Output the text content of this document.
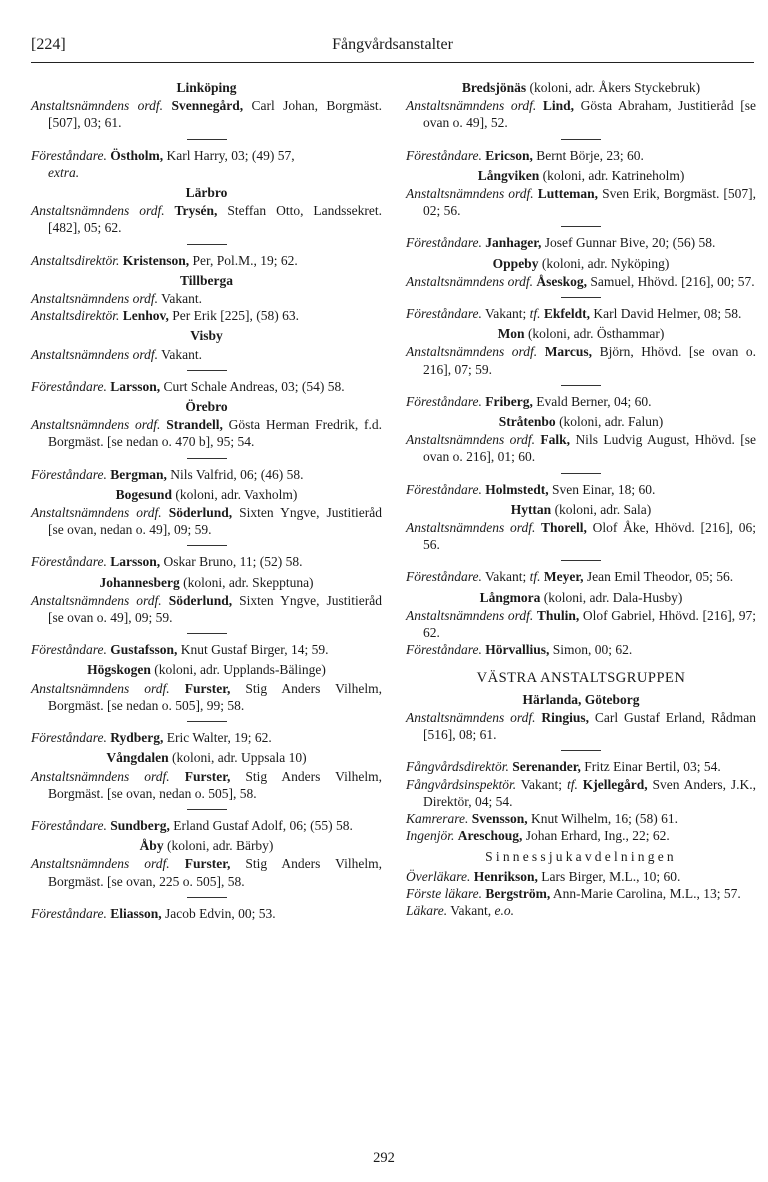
[224]	Fångvårdsanstalter
Linköping
Anstaltsnämndens ordf. Svennegård, Carl Johan, Borgmäst. [507], 03; 61.
Föreståndare. Östholm, Karl Harry, 03; (49) 57,
extra.
Lärbro
Anstaltsnämndens ordf. Trysén, Steffan Otto, Landssekret. [482], 05; 62.
Anstaltsdirektör. Kristenson, Per, Pol.M., 19; 62.
Tillberga
Anstaltsnämndens ordf. Vakant.
Anstaltsdirektör. Lenhov, Per Erik [225], (58) 63.
Visby
Anstaltsnämndens ordf. Vakant.
Föreståndare. Larsson, Curt Schale Andreas, 03; (54) 58.
Örebro
Anstaltsnämndens ordf. Strandell, Gösta Herman Fredrik, f.d. Borgmäst. [se nedan o. 470 b], 95; 54.
Föreståndare. Bergman, Nils Valfrid, 06; (46) 58.
Bogesund (koloni, adr. Vaxholm)
Anstaltsnämndens ordf. Söderlund, Sixten Yngve, Justitieråd [se ovan, nedan o. 49], 09; 59.
Föreståndare. Larsson, Oskar Bruno, 11; (52) 58.
Johannesberg (koloni, adr. Skepptuna)
Anstaltsnämndens ordf. Söderlund, Sixten Yngve, Justitieråd [se ovan o. 49], 09; 59.
Föreståndare. Gustafsson, Knut Gustaf Birger, 14; 59.
Högskogen (koloni, adr. Upplands-Bälinge)
Anstaltsnämndens ordf. Furster, Stig Anders Vilhelm, Borgmäst. [se nedan o. 505], 99; 58.
Föreståndare. Rydberg, Eric Walter, 19; 62.
Vångdalen (koloni, adr. Uppsala 10)
Anstaltsnämndens ordf. Furster, Stig Anders Vilhelm, Borgmäst. [se ovan, nedan o. 505], 58.
Föreståndare. Sundberg, Erland Gustaf Adolf, 06; (55) 58.
Åby (koloni, adr. Bärby)
Anstaltsnämndens ordf. Furster, Stig Anders Vilhelm, Borgmäst. [se ovan, 225 o. 505], 58.
Föreståndare. Eliasson, Jacob Edvin, 00; 53.
Bredsjönäs (koloni, adr. Åkers Styckebruk)
Anstaltsnämndens ordf. Lind, Gösta Abraham, Justitieråd [se ovan o. 49], 52.
Föreståndare. Ericson, Bernt Börje, 23; 60.
Långviken (koloni, adr. Katrineholm)
Anstaltsnämndens ordf. Lutteman, Sven Erik, Borgmäst. [507], 02; 56.
Föreståndare. Janhager, Josef Gunnar Bive, 20; (56) 58.
Oppeby (koloni, adr. Nyköping)
Anstaltsnämndens ordf. Åseskog, Samuel, Hhövd. [216], 00; 57.
Föreståndare. Vakant; tf. Ekfeldt, Karl David Helmer, 08; 58.
Mon (koloni, adr. Östhammar)
Anstaltsnämndens ordf. Marcus, Björn, Hhövd. [se ovan o. 216], 07; 59.
Föreståndare. Friberg, Evald Berner, 04; 60.
Stråtenbo (koloni, adr. Falun)
Anstaltsnämndens ordf. Falk, Nils Ludvig August, Hhövd. [se ovan o. 216], 01; 60.
Föreståndare. Holmstedt, Sven Einar, 18; 60.
Hyttan (koloni, adr. Sala)
Anstaltsnämndens ordf. Thorell, Olof Åke, Hhövd. [216], 06; 56.
Föreståndare. Vakant; tf. Meyer, Jean Emil Theodor, 05; 56.
Långmora (koloni, adr. Dala-Husby)
Anstaltsnämndens ordf. Thulin, Olof Gabriel, Hhövd. [216], 97; 62.
Föreståndare. Hörvallius, Simon, 00; 62.
VÄSTRA ANSTALTSGRUPPEN
Härlanda, Göteborg
Anstaltsnämndens ordf. Ringius, Carl Gustaf Erland, Rådman [516], 08; 61.
Fångvårdsdirektör. Serenander, Fritz Einar Bertil, 03; 54.
Fångvårdsinspektör. Vakant; tf. Kjellegård, Sven Anders, J.K., Direktör, 04; 54.
Kamrerare. Svensson, Knut Wilhelm, 16; (58) 61.
Ingenjör. Areschoug, Johan Erhard, Ing., 22; 62.
Sinnessjukavdelningen
Överläkare. Henrikson, Lars Birger, M.L., 10; 60.
Förste läkare. Bergström, Ann-Marie Carolina, M.L., 13; 57.
Läkare. Vakant, e.o.
292
